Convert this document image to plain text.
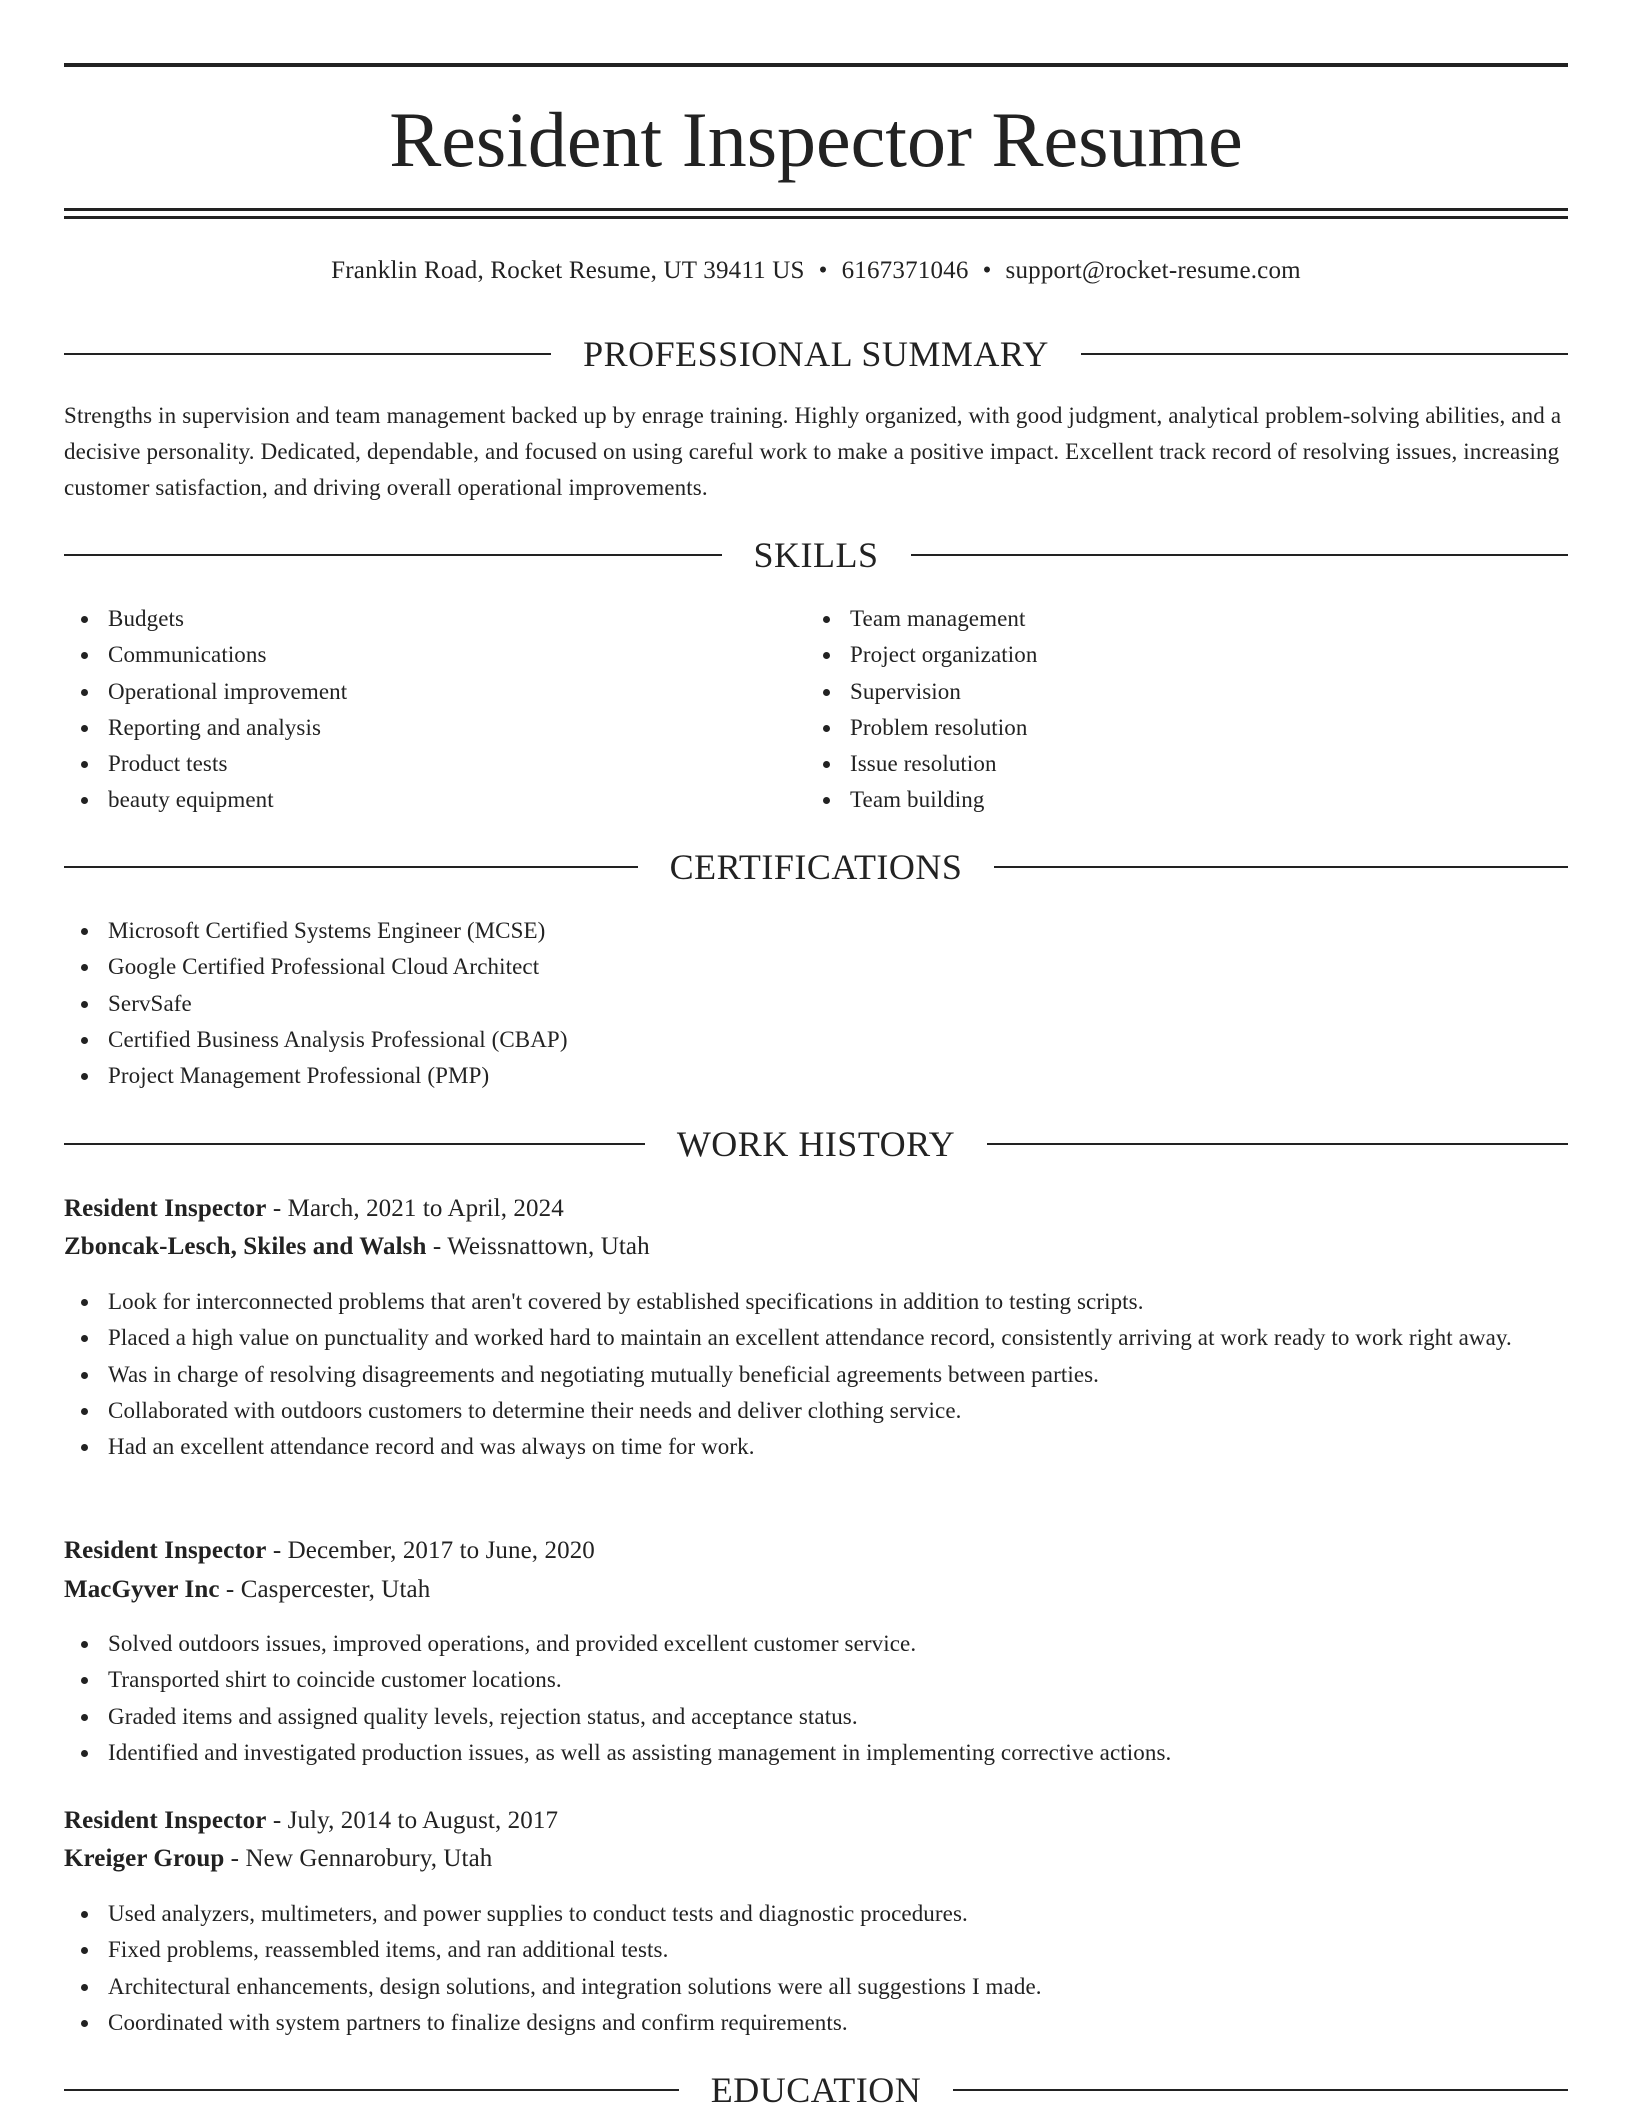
Resident Inspector Resume
Franklin Road, Rocket Resume, UT 39411 US • 6167371046 • support@rocket-resume.com
PROFESSIONAL SUMMARY

Strengths in supervision and team management backed up by enrage training. Highly organized, with good judgment, analytical problem-solving abilities, and a decisive personality. Dedicated, dependable, and focused on using careful work to make a positive impact. Excellent track record of resolving issues, increasing customer satisfaction, and driving overall operational improvements.

SKILLS
Budgets
Communications
Operational improvement
Reporting and analysis
Product tests
beauty equipment
Team management
Project organization
Supervision
Problem resolution
Issue resolution
Team building
CERTIFICATIONS
Microsoft Certified Systems Engineer (MCSE)
Google Certified Professional Cloud Architect
ServSafe
Certified Business Analysis Professional (CBAP)
Project Management Professional (PMP)
WORK HISTORY
Resident Inspector - March, 2021 to April, 2024
Zboncak-Lesch, Skiles and Walsh - Weissnattown, Utah
Look for interconnected problems that aren't covered by established specifications in addition to testing scripts.
Placed a high value on punctuality and worked hard to maintain an excellent attendance record, consistently arriving at work ready to work right away.
Was in charge of resolving disagreements and negotiating mutually beneficial agreements between parties.
Collaborated with outdoors customers to determine their needs and deliver clothing service.
Had an excellent attendance record and was always on time for work.
Resident Inspector - December, 2017 to June, 2020
MacGyver Inc - Caspercester, Utah
Solved outdoors issues, improved operations, and provided excellent customer service.
Transported shirt to coincide customer locations.
Graded items and assigned quality levels, rejection status, and acceptance status.
Identified and investigated production issues, as well as assisting management in implementing corrective actions.
Resident Inspector - July, 2014 to August, 2017
Kreiger Group - New Gennarobury, Utah
Used analyzers, multimeters, and power supplies to conduct tests and diagnostic procedures.
Fixed problems, reassembled items, and ran additional tests.
Architectural enhancements, design solutions, and integration solutions were all suggestions I made.
Coordinated with system partners to finalize designs and confirm requirements.
EDUCATION
